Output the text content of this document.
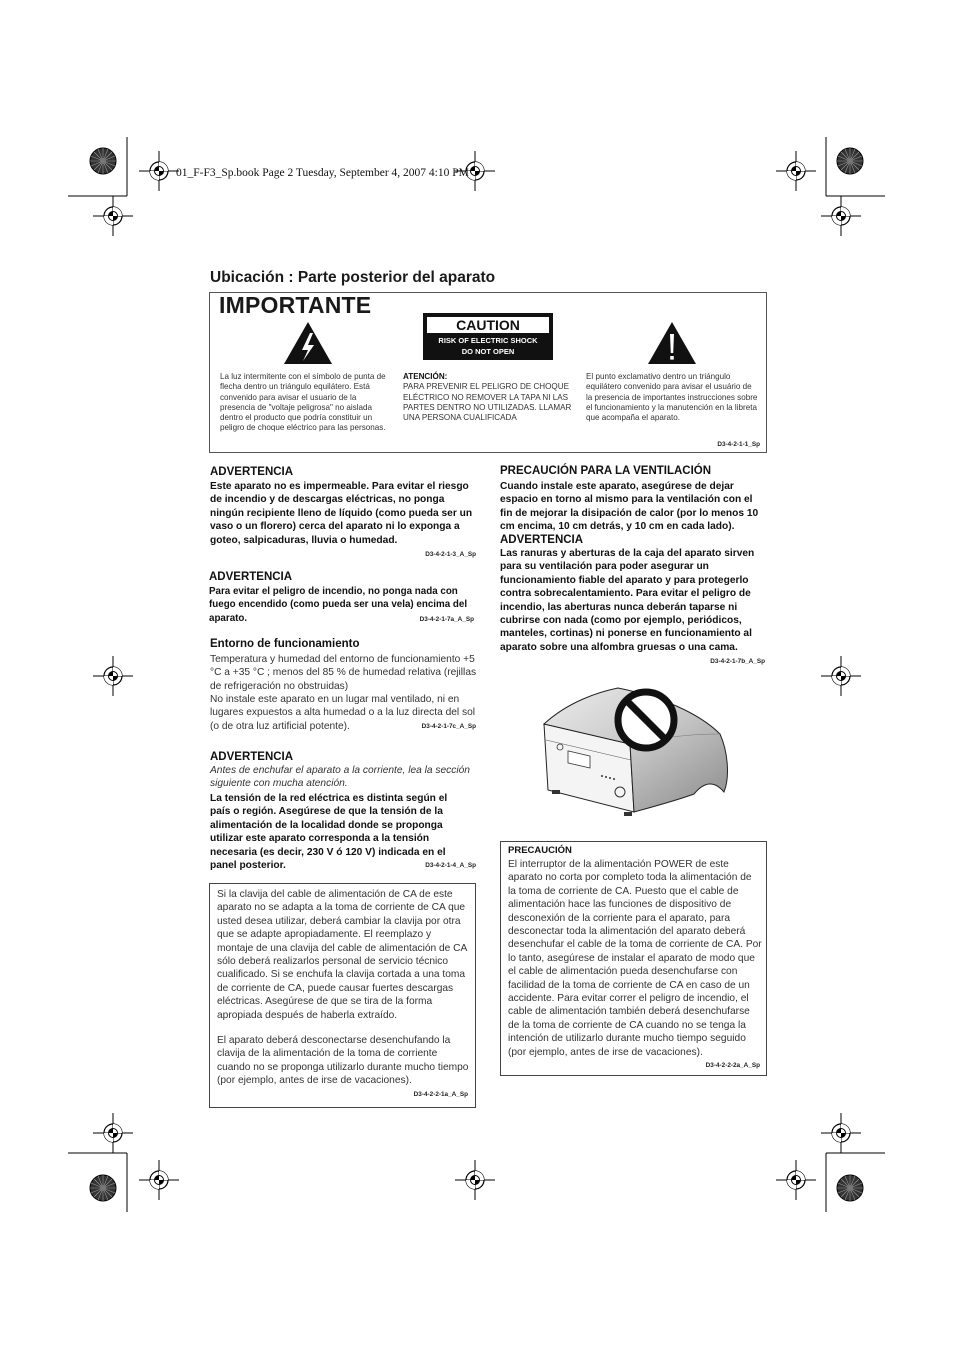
01_F-F3_Sp.book Page 2 Tuesday, September 4, 2007 4:10 PM
Ubicación : Parte posterior del aparato
IMPORTANTE
CAUTION
RISK OF ELECTRIC SHOCK
DO NOT OPEN
La luz intermitente con el símbolo de punta de flecha dentro un triángulo equilátero. Está convenido para avisar el usuario de la presencia de "voltaje peligrosa" no aislada dentro el producto que podría constituir un peligro de choque eléctrico para las personas.
ATENCIÓN:
PARA PREVENIR EL PELIGRO DE CHOQUE ELÉCTRICO NO REMOVER LA TAPA NI LAS PARTES DENTRO NO UTILIZADAS. LLAMAR UNA PERSONA CUALIFICADA
El punto exclamativo dentro un triángulo equilátero convenido para avisar el usuário de la presencia de importantes instrucciones sobre el funcionamiento y la manutención en la libreta que acompaña el aparato.
D3-4-2-1-1_Sp
ADVERTENCIA
Este aparato no es impermeable. Para evitar el riesgo de incendio y de descargas eléctricas, no ponga ningún recipiente lleno de líquido (como pueda ser un vaso o un florero) cerca del aparato ni lo exponga a goteo, salpicaduras, lluvia o humedad.
D3-4-2-1-3_A_Sp
ADVERTENCIA
Para evitar el peligro de incendio, no ponga nada con fuego encendido (como pueda ser una vela) encima del aparato.	D3-4-2-1-7a_A_Sp
Entorno de funcionamiento
Temperatura y humedad del entorno de funcionamiento +5 °C a +35 °C ; menos del 85 % de humedad relativa (rejillas de refrigeración no obstruidas)
No instale este aparato en un lugar mal ventilado, ni en lugares expuestos a alta humedad o a la luz directa del sol (o de otra luz artificial potente).	D3-4-2-1-7c_A_Sp
ADVERTENCIA
Antes de enchufar el aparato a la corriente, lea la sección siguiente con mucha atención.
La tensión de la red eléctrica es distinta según el país o región. Asegúrese de que la tensión de la alimentación de la localidad donde se proponga utilizar este aparato corresponda a la tensión necesaria (es decir, 230 V ó 120 V) indicada en el panel posterior.	D3-4-2-1-4_A_Sp
Si la clavija del cable de alimentación de CA de este aparato no se adapta a la toma de corriente de CA que usted desea utilizar, deberá cambiar la clavija por otra que se adapte apropiadamente. El reemplazo y montaje de una clavija del cable de alimentación de CA sólo deberá realizarlos personal de servicio técnico cualificado. Si se enchufa la clavija cortada a una toma de corriente de CA, puede causar fuertes descargas eléctricas. Asegúrese de que se tira de la forma apropiada después de haberla extraído.
El aparato deberá desconectarse desenchufando la clavija de la alimentación de la toma de corriente cuando no se proponga utilizarlo durante mucho tiempo (por ejemplo, antes de irse de vacaciones).
D3-4-2-2-1a_A_Sp
PRECAUCIÓN PARA LA VENTILACIÓN
Cuando instale este aparato, asegúrese de dejar espacio en torno al mismo para la ventilación con el fin de mejorar la disipación de calor (por lo menos 10 cm encima, 10 cm detrás, y 10 cm en cada lado).
ADVERTENCIA
Las ranuras y aberturas de la caja del aparato sirven para su ventilación para poder asegurar un funcionamiento fiable del aparato y para protegerlo contra sobrecalentamiento. Para evitar el peligro de incendio, las aberturas nunca deberán taparse ni cubrirse con nada (como por ejemplo, periódicos, manteles, cortinas) ni ponerse en funcionamiento al aparato sobre una alfombra gruesas o una cama.
D3-4-2-1-7b_A_Sp
PRECAUCIÓN
El interruptor de la alimentación POWER de este aparato no corta por completo toda la alimentación de la toma de corriente de CA. Puesto que el cable de alimentación hace las funciones de dispositivo de desconexión de la corriente para el aparato, para desconectar toda la alimentación del aparato deberá desenchufar el cable de la toma de corriente de CA. Por lo tanto, asegúrese de instalar el aparato de modo que el cable de alimentación pueda desenchufarse con facilidad de la toma de corriente de CA en caso de un accidente. Para evitar correr el peligro de incendio, el cable de alimentación también deberá desenchufarse de la toma de corriente de CA cuando no se tenga la intención de utilizarlo durante mucho tiempo seguido (por ejemplo, antes de irse de vacaciones).
D3-4-2-2-2a_A_Sp
